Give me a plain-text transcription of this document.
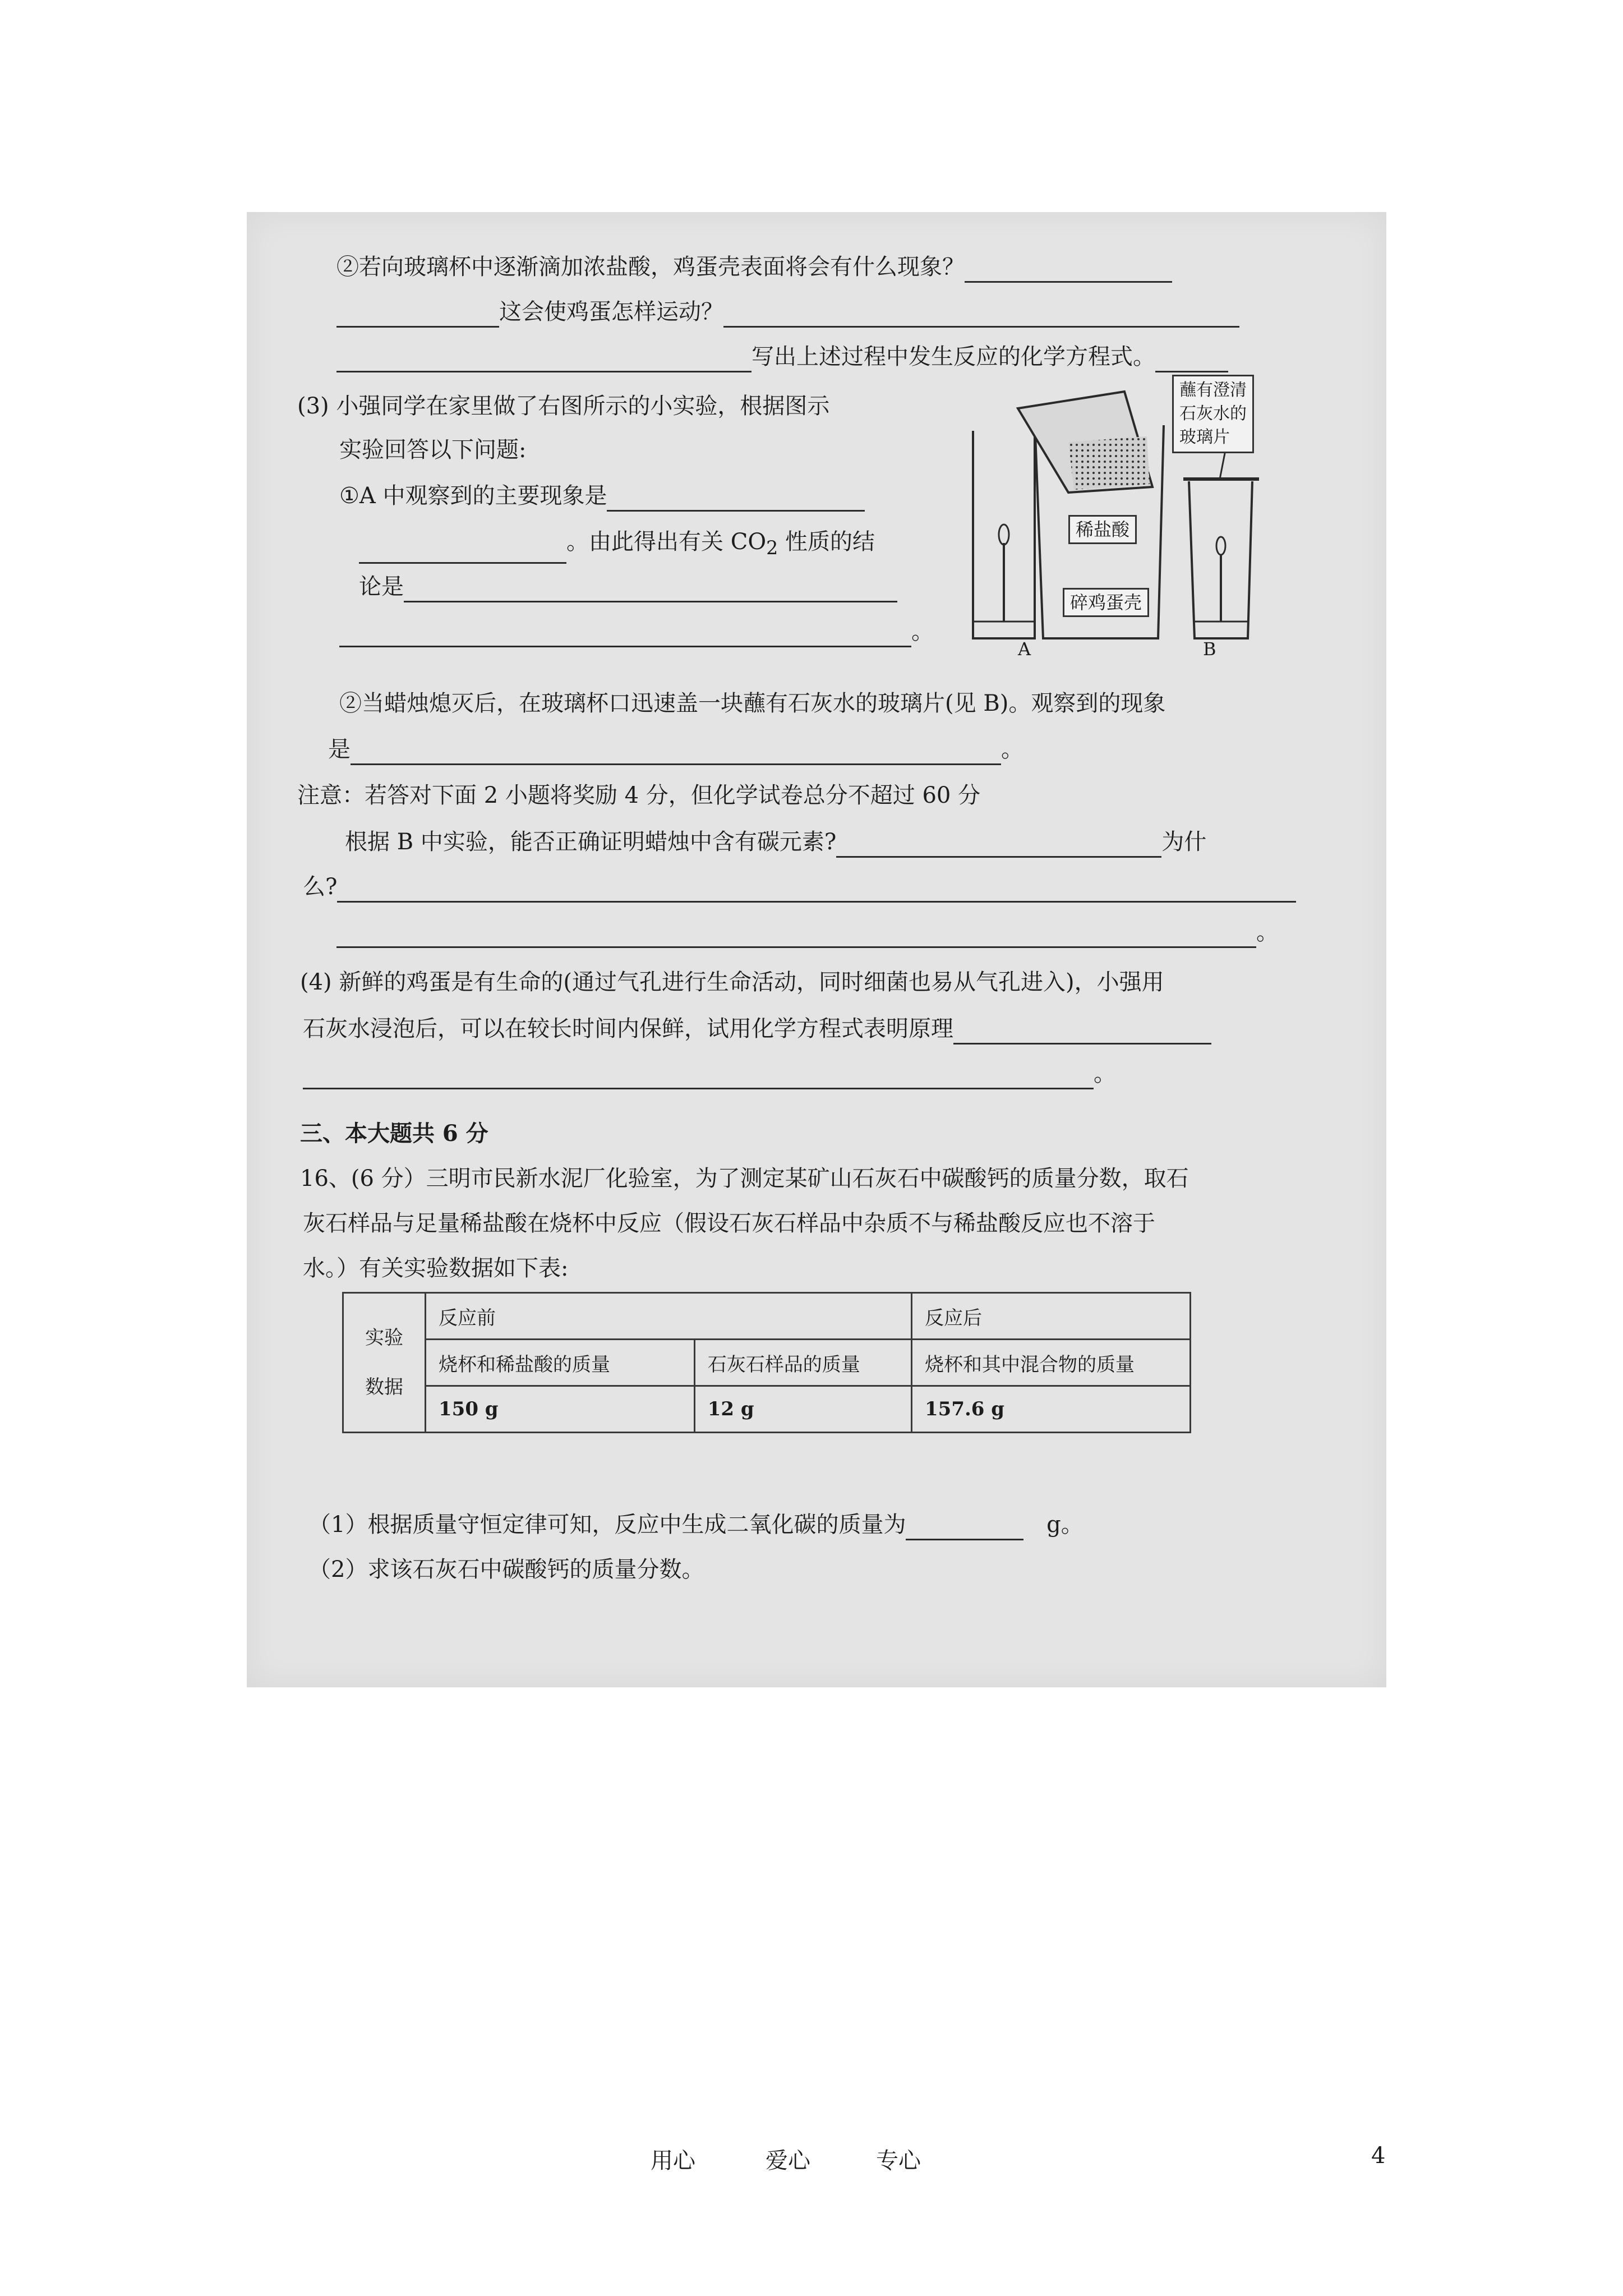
②若向玻璃杯中逐渐滴加浓盐酸，鸡蛋壳表面将会有什么现象？
这会使鸡蛋怎样运动？
写出上述过程中发生反应的化学方程式。
(3) 小强同学在家里做了右图所示的小实验，根据图示
实验回答以下问题:
①A 中观察到的主要现象是
。由此得出有关 $CO_2$ 性质的结
论是
。
蘸有澄清
石灰水的
玻璃片
稀盐酸
碎鸡蛋壳
A	B
②当蜡烛熄灭后，在玻璃杯口迅速盖一块蘸有石灰水的玻璃片(见 B)。观察到的现象
是	。
注意：若答对下面 2 小题将奖励 4 分，但化学试卷总分不超过 60 分
根据 B 中实验，能否正确证明蜡烛中含有碳元素?	为什
么?
。
(4) 新鲜的鸡蛋是有生命的(通过气孔进行生命活动，同时细菌也易从气孔进入)，小强用
石灰水浸泡后，可以在较长时间内保鲜，试用化学方程式表明原理
。
三、本大题共 6 分
16、(6 分）三明市民新水泥厂化验室，为了测定某矿山石灰石中碳酸钙的质量分数，取石
灰石样品与足量稀盐酸在烧杯中反应（假设石灰石样品中杂质不与稀盐酸反应也不溶于
水。）有关实验数据如下表:
实验
数据	反应前		反应后
	烧杯和稀盐酸的质量	石灰石样品的质量	烧杯和其中混合物的质量
	150 g	12 g	157.6 g
（1）根据质量守恒定律可知，反应中生成二氧化碳的质量为	g。
（2）求该石灰石中碳酸钙的质量分数。
用心	爱心	专心	4
